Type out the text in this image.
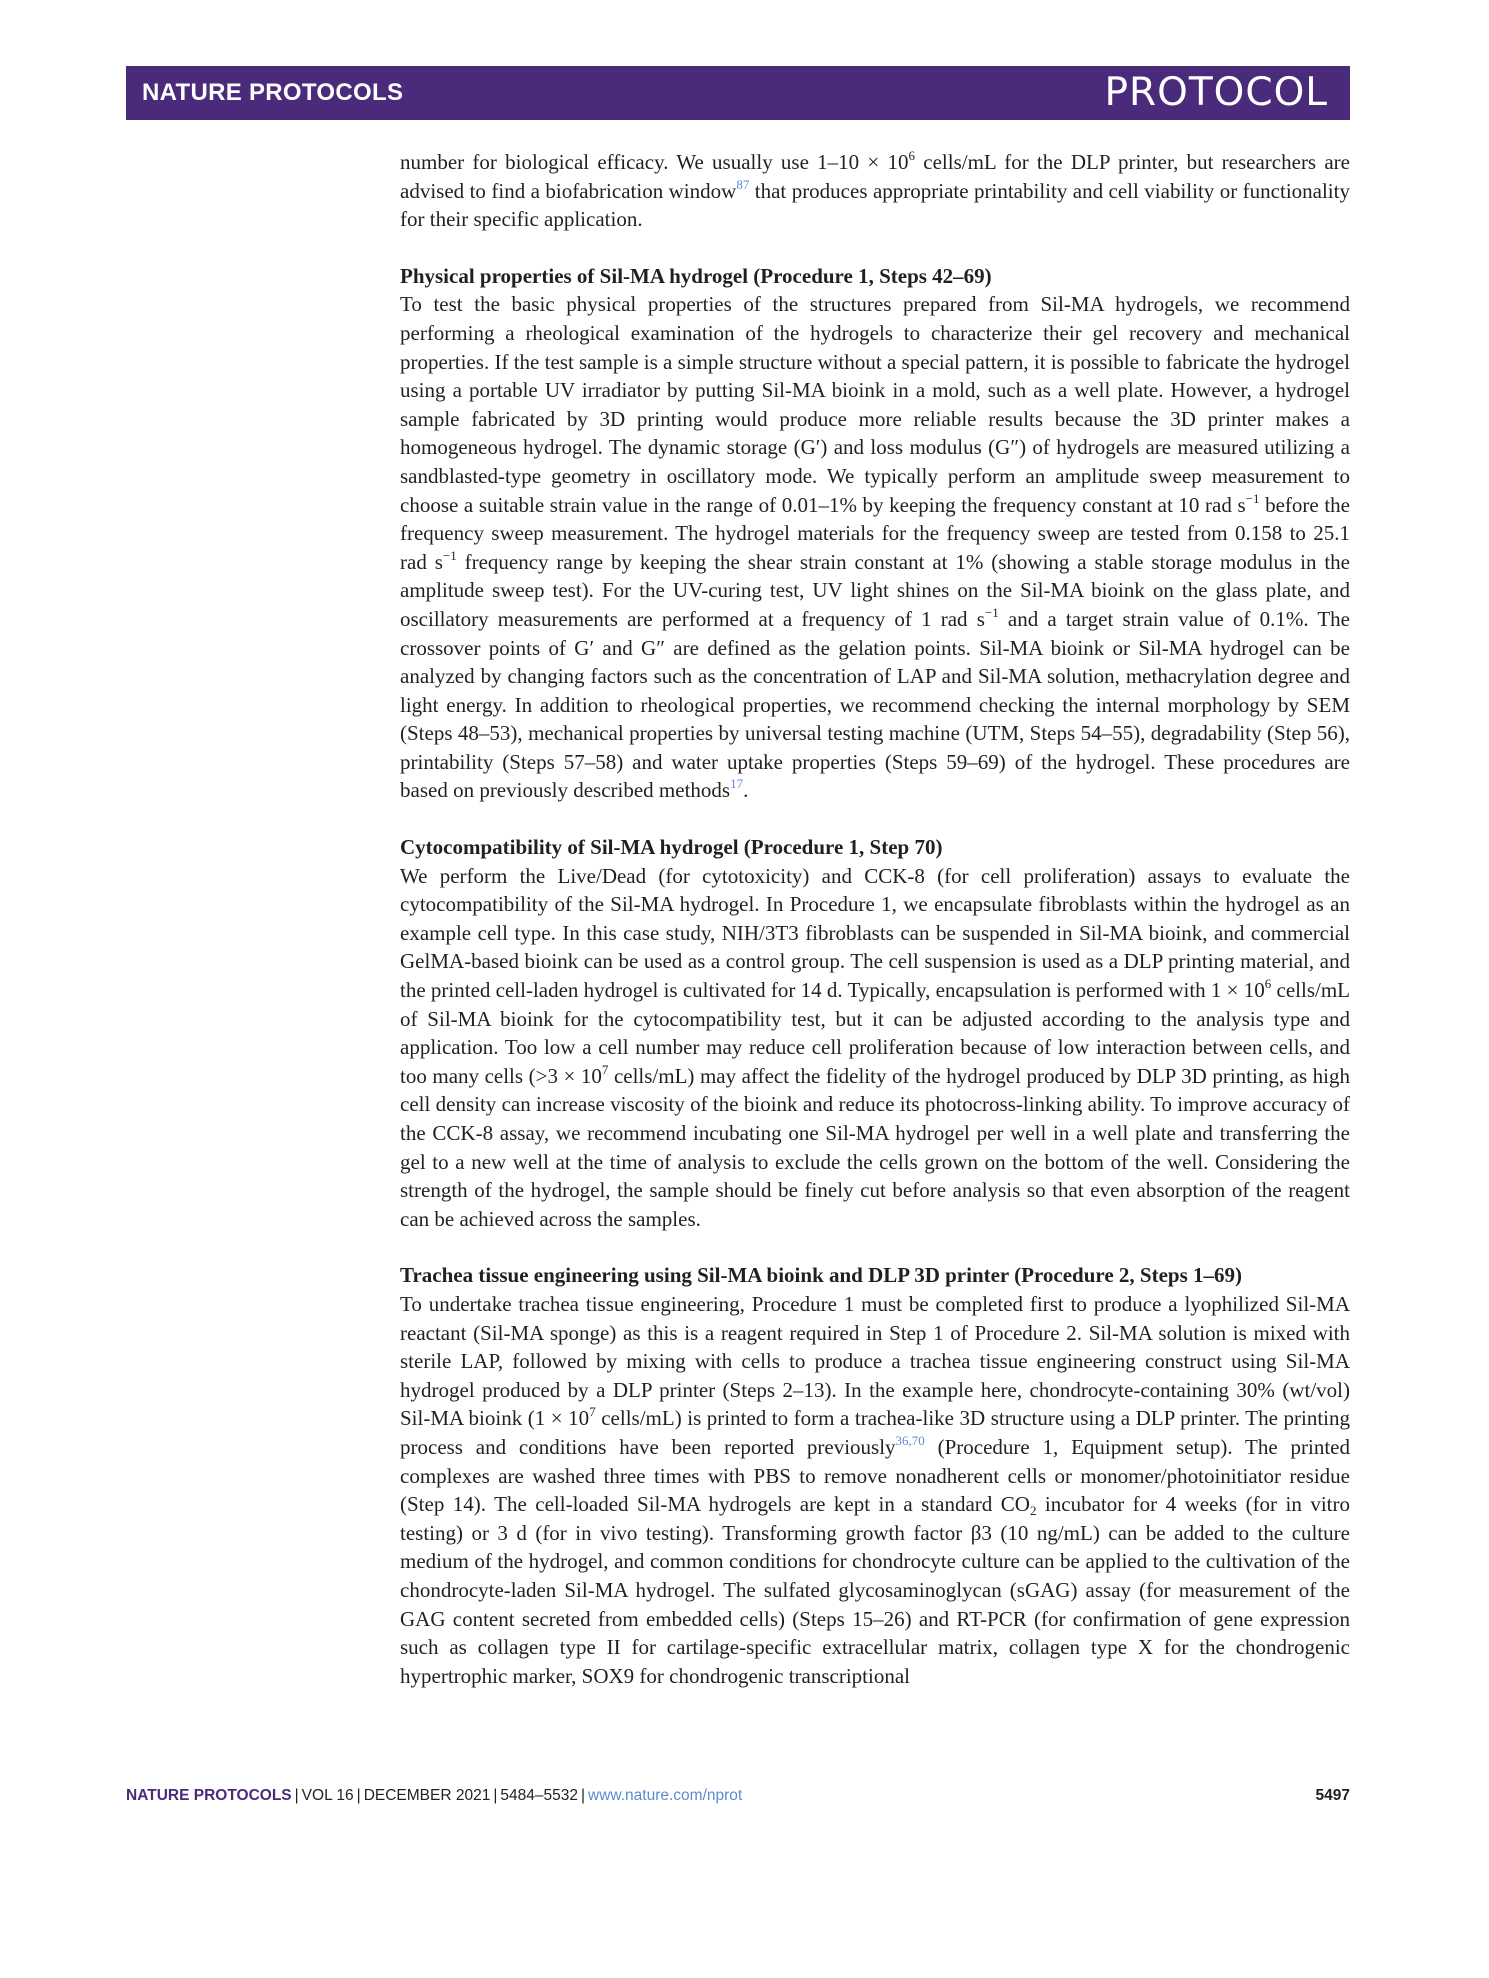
NATURE PROTOCOLS	PROTOCOL

number for biological efficacy. We usually use $1-10 \times 10^6$ cells/mL for the DLP printer, but researchers are advised to find a biofabrication window$^{87}$ that produces appropriate printability and cell viability or functionality for their specific application.

Physical properties of Sil-MA hydrogel (Procedure 1, Steps 42–69)

To test the basic physical properties of the structures prepared from Sil-MA hydrogels, we recommend performing a rheological examination of the hydrogels to characterize their gel recovery and mechanical properties. If the test sample is a simple structure without a special pattern, it is possible to fabricate the hydrogel using a portable UV irradiator by putting Sil-MA bioink in a mold, such as a well plate. However, a hydrogel sample fabricated by 3D printing would produce more reliable results because the 3D printer makes a homogeneous hydrogel. The dynamic storage (G′) and loss modulus (G″) of hydrogels are measured utilizing a sandblasted-type geometry in oscillatory mode. We typically perform an amplitude sweep measurement to choose a suitable strain value in the range of 0.01–1% by keeping the frequency constant at 10 rad $s^{-1}$ before the frequency sweep measurement. The hydrogel materials for the frequency sweep are tested from 0.158 to 25.1 rad $s^{-1}$ frequency range by keeping the shear strain constant at 1% (showing a stable storage modulus in the amplitude sweep test). For the UV-curing test, UV light shines on the Sil-MA bioink on the glass plate, and oscillatory measurements are performed at a frequency of 1 rad $s^{-1}$ and a target strain value of 0.1%. The crossover points of G′ and G″ are defined as the gelation points. Sil-MA bioink or Sil-MA hydrogel can be analyzed by changing factors such as the concentration of LAP and Sil-MA solution, methacrylation degree and light energy. In addition to rheological properties, we recommend checking the internal morphology by SEM (Steps 48–53), mechanical properties by universal testing machine (UTM, Steps 54–55), degradability (Step 56), printability (Steps 57–58) and water uptake properties (Steps 59–69) of the hydrogel. These procedures are based on previously described methods$^{17}$.

Cytocompatibility of Sil-MA hydrogel (Procedure 1, Step 70)

We perform the Live/Dead (for cytotoxicity) and CCK-8 (for cell proliferation) assays to evaluate the cytocompatibility of the Sil-MA hydrogel. In Procedure 1, we encapsulate fibroblasts within the hydrogel as an example cell type. In this case study, NIH/3T3 fibroblasts can be suspended in Sil-MA bioink, and commercial GelMA-based bioink can be used as a control group. The cell suspension is used as a DLP printing material, and the printed cell-laden hydrogel is cultivated for 14 d. Typically, encapsulation is performed with $1 \times 10^6$ cells/mL of Sil-MA bioink for the cytocompatibility test, but it can be adjusted according to the analysis type and application. Too low a cell number may reduce cell proliferation because of low interaction between cells, and too many cells ($>3 \times 10^7$ cells/mL) may affect the fidelity of the hydrogel produced by DLP 3D printing, as high cell density can increase viscosity of the bioink and reduce its photocross-linking ability. To improve accuracy of the CCK-8 assay, we recommend incubating one Sil-MA hydrogel per well in a well plate and transferring the gel to a new well at the time of analysis to exclude the cells grown on the bottom of the well. Considering the strength of the hydrogel, the sample should be finely cut before analysis so that even absorption of the reagent can be achieved across the samples.

Trachea tissue engineering using Sil-MA bioink and DLP 3D printer (Procedure 2, Steps 1–69)

To undertake trachea tissue engineering, Procedure 1 must be completed first to produce a lyophilized Sil-MA reactant (Sil-MA sponge) as this is a reagent required in Step 1 of Procedure 2. Sil-MA solution is mixed with sterile LAP, followed by mixing with cells to produce a trachea tissue engineering construct using Sil-MA hydrogel produced by a DLP printer (Steps 2–13). In the example here, chondrocyte-containing 30% (wt/vol) Sil-MA bioink ($1 \times 10^7$ cells/mL) is printed to form a trachea-like 3D structure using a DLP printer. The printing process and conditions have been reported previously$^{36,70}$ (Procedure 1, Equipment setup). The printed complexes are washed three times with PBS to remove nonadherent cells or monomer/photoinitiator residue (Step 14). The cell-loaded Sil-MA hydrogels are kept in a standard $CO_2$ incubator for 4 weeks (for in vitro testing) or 3 d (for in vivo testing). Transforming growth factor β3 (10 ng/mL) can be added to the culture medium of the hydrogel, and common conditions for chondrocyte culture can be applied to the cultivation of the chondrocyte-laden Sil-MA hydrogel. The sulfated glycosaminoglycan (sGAG) assay (for measurement of the GAG content secreted from embedded cells) (Steps 15–26) and RT-PCR (for confirmation of gene expression such as collagen type II for cartilage-specific extracellular matrix, collagen type X for the chondrogenic hypertrophic marker, SOX9 for chondrogenic transcriptional

NATURE PROTOCOLS | VOL 16 | DECEMBER 2021 | 5484–5532 | www.nature.com/nprot	5497
